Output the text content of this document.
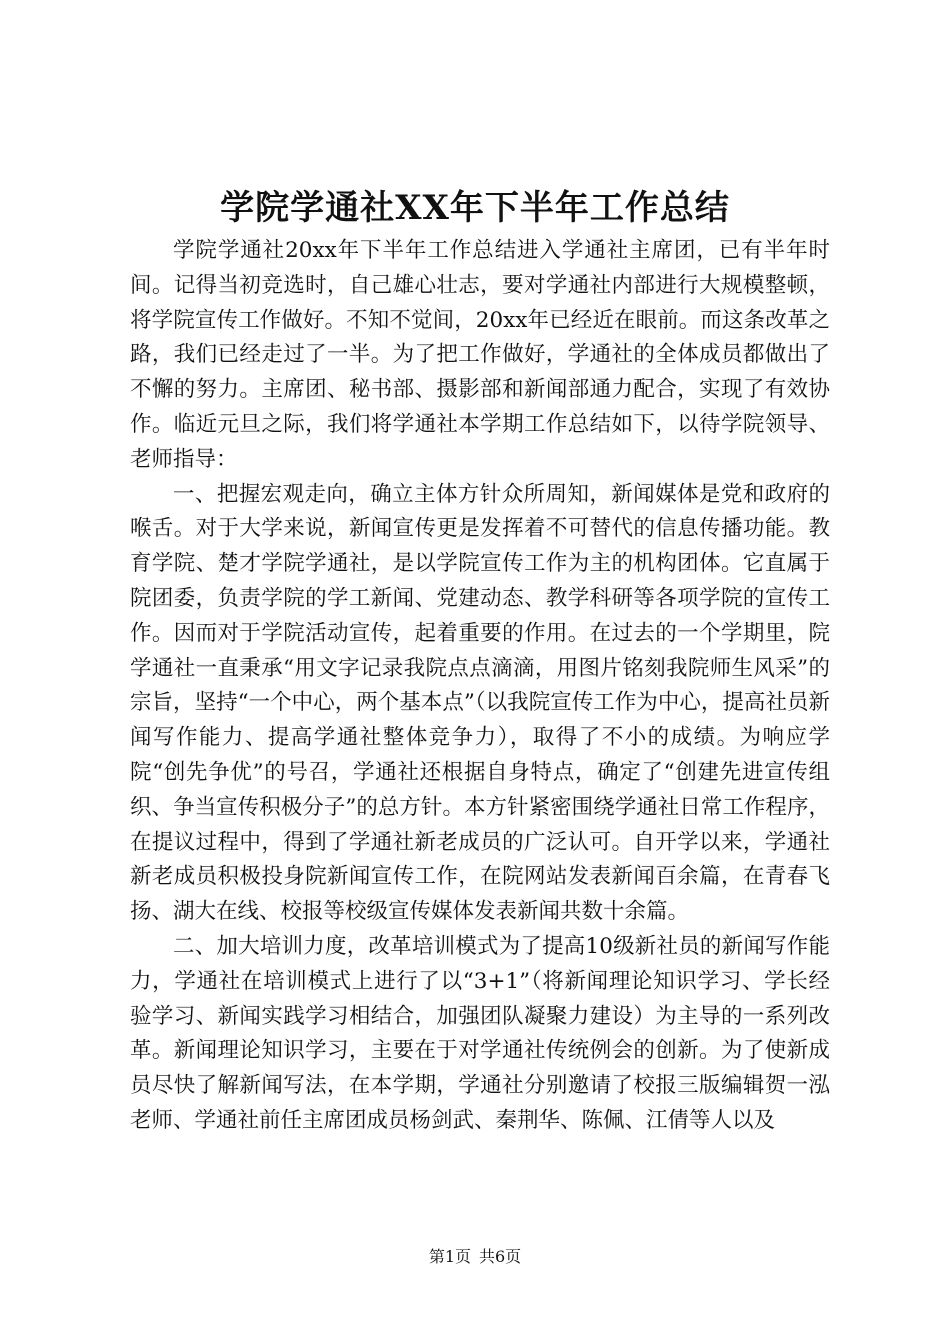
学院学通社XX年下半年工作总结

学院学通社20xx年下半年工作总结进入学通社主席团，已有半年时间。记得当初竞选时，自己雄心壮志，要对学通社内部进行大规模整顿，将学院宣传工作做好。不知不觉间，20xx年已经近在眼前。而这条改革之路，我们已经走过了一半。为了把工作做好，学通社的全体成员都做出了不懈的努力。主席团、秘书部、摄影部和新闻部通力配合，实现了有效协作。临近元旦之际，我们将学通社本学期工作总结如下，以待学院领导、老师指导：

一、把握宏观走向，确立主体方针众所周知，新闻媒体是党和政府的喉舌。对于大学来说，新闻宣传更是发挥着不可替代的信息传播功能。教育学院、楚才学院学通社，是以学院宣传工作为主的机构团体。它直属于院团委，负责学院的学工新闻、党建动态、教学科研等各项学院的宣传工作。因而对于学院活动宣传，起着重要的作用。在过去的一个学期里，院学通社一直秉承“用文字记录我院点点滴滴，用图片铭刻我院师生风采”的宗旨，坚持“一个中心，两个基本点”（以我院宣传工作为中心，提高社员新闻写作能力、提高学通社整体竞争力），取得了不小的成绩。为响应学院“创先争优”的号召，学通社还根据自身特点，确定了“创建先进宣传组织、争当宣传积极分子”的总方针。本方针紧密围绕学通社日常工作程序，在提议过程中，得到了学通社新老成员的广泛认可。自开学以来，学通社新老成员积极投身院新闻宣传工作，在院网站发表新闻百余篇，在青春飞扬、湖大在线、校报等校级宣传媒体发表新闻共数十余篇。

二、加大培训力度，改革培训模式为了提高10级新社员的新闻写作能力，学通社在培训模式上进行了以“3+1”（将新闻理论知识学习、学长经验学习、新闻实践学习相结合，加强团队凝聚力建设）为主导的一系列改革。新闻理论知识学习，主要在于对学通社传统例会的创新。为了使新成员尽快了解新闻写法，在本学期，学通社分别邀请了校报三版编辑贺一泓老师、学通社前任主席团成员杨剑武、秦荆华、陈佩、江倩等人以及

第1页 共6页
